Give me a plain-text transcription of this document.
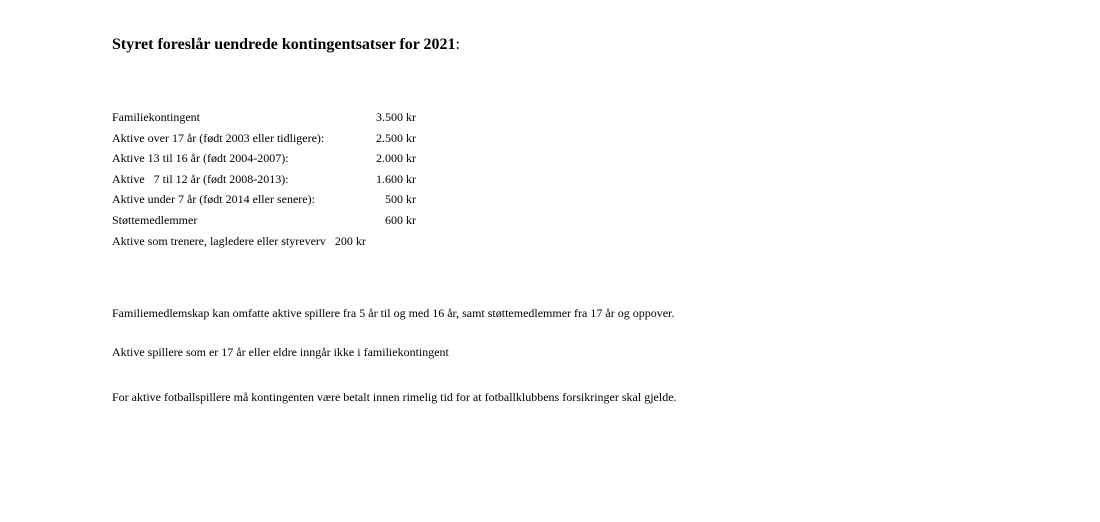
Styret foreslår uendrede kontingentsatser for 2021:
Familiekontingent	3.500 kr
Aktive over 17 år (født 2003 eller tidligere):	2.500 kr
Aktive 13 til 16 år (født 2004-2007):	2.000 kr
Aktive   7 til 12 år (født 2008-2013):	1.600 kr
Aktive under 7 år (født 2014 eller senere):	500 kr
Støttemedlemmer	600 kr
Aktive som trenere, lagledere eller styreverv 200 kr

Familiemedlemskap kan omfatte aktive spillere fra 5 år til og med 16 år, samt støttemedlemmer fra 17 år og oppover.

Aktive spillere som er 17 år eller eldre inngår ikke i familiekontingent

For aktive fotballspillere må kontingenten være betalt innen rimelig tid for at fotballklubbens forsikringer skal gjelde.
